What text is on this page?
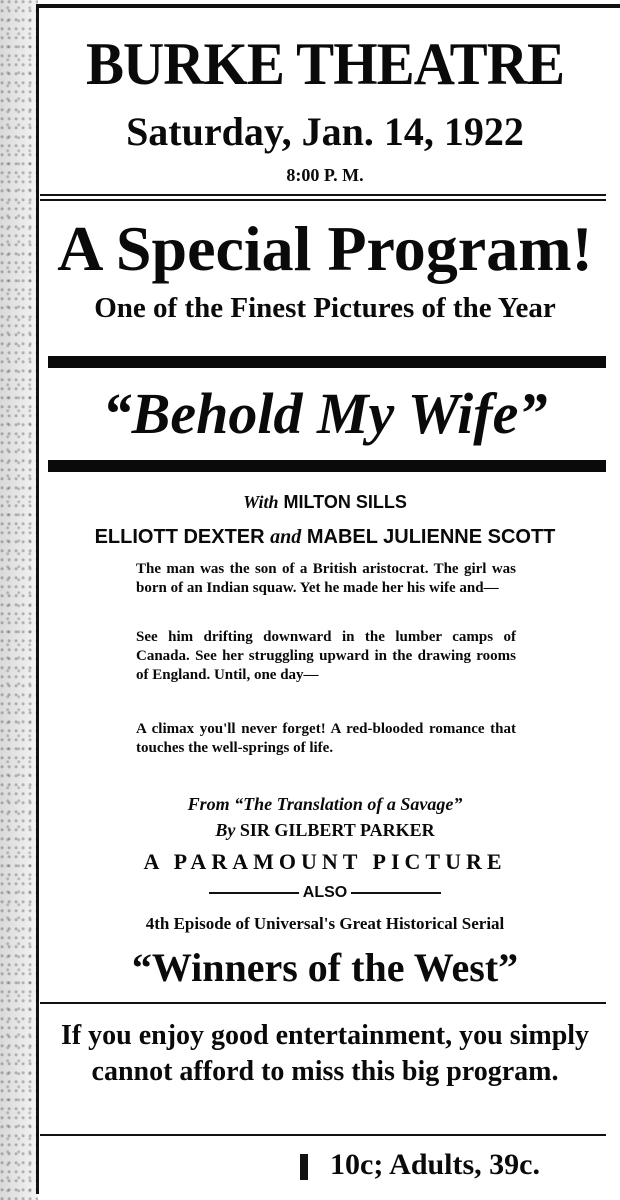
BURKE THEATRE
Saturday, Jan. 14, 1922
8:00 P. M.
A Special Program!
One of the Finest Pictures of the Year
“Behold My Wife”
With MILTON SILLS
ELLIOTT DEXTER and MABEL JULIENNE SCOTT
The man was the son of a British aristocrat. The girl was born of an Indian squaw. Yet he made her his wife and—
See him drifting downward in the lumber camps of Canada. See her struggling upward in the drawing rooms of England. Until, one day—
A climax you'll never forget! A red-blooded romance that touches the well-springs of life.
From “The Translation of a Savage”
By SIR GILBERT PARKER
A PARAMOUNT PICTURE
ALSO
4th Episode of Universal's Great Historical Serial
“Winners of the West”
If you enjoy good entertainment, you simply cannot afford to miss this big program.
10c; Adults, 39c.
